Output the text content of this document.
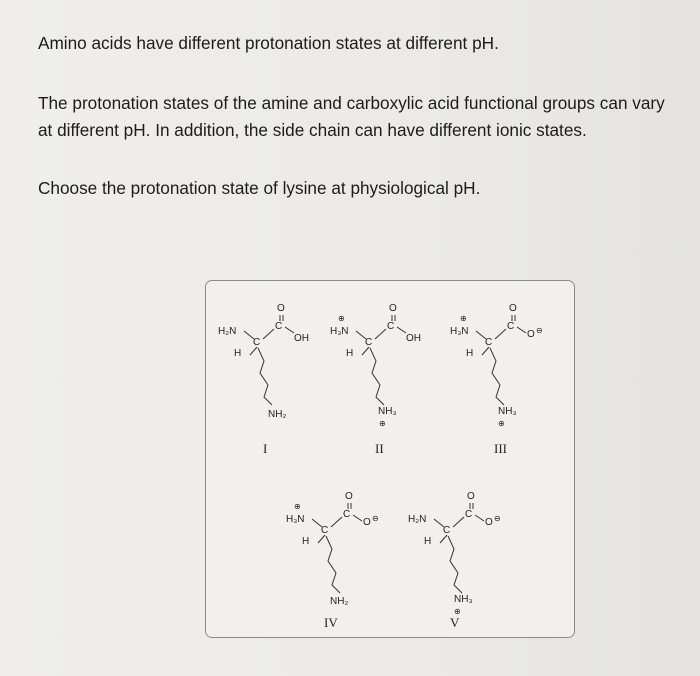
Amino acids have different protonation states at different pH.

The protonation states of the amine and carboxylic acid functional groups can vary

at different pH. In addition, the side chain can have different ionic states.

Choose the protonation state of lysine at physiological pH.

H₂N
C
C
O
OH
H
NH₂
I
⊕
H₃N
C
C
O
OH
H
NH₃
⊕
II
⊕
H₃N
C
C
O
O ⊖
H
NH₃
⊕
III
⊕
H₃N
C
C
O
O ⊖
H
NH₂
IV
H₂N
C
C
O
O ⊖
H
NH₃
⊕
V
